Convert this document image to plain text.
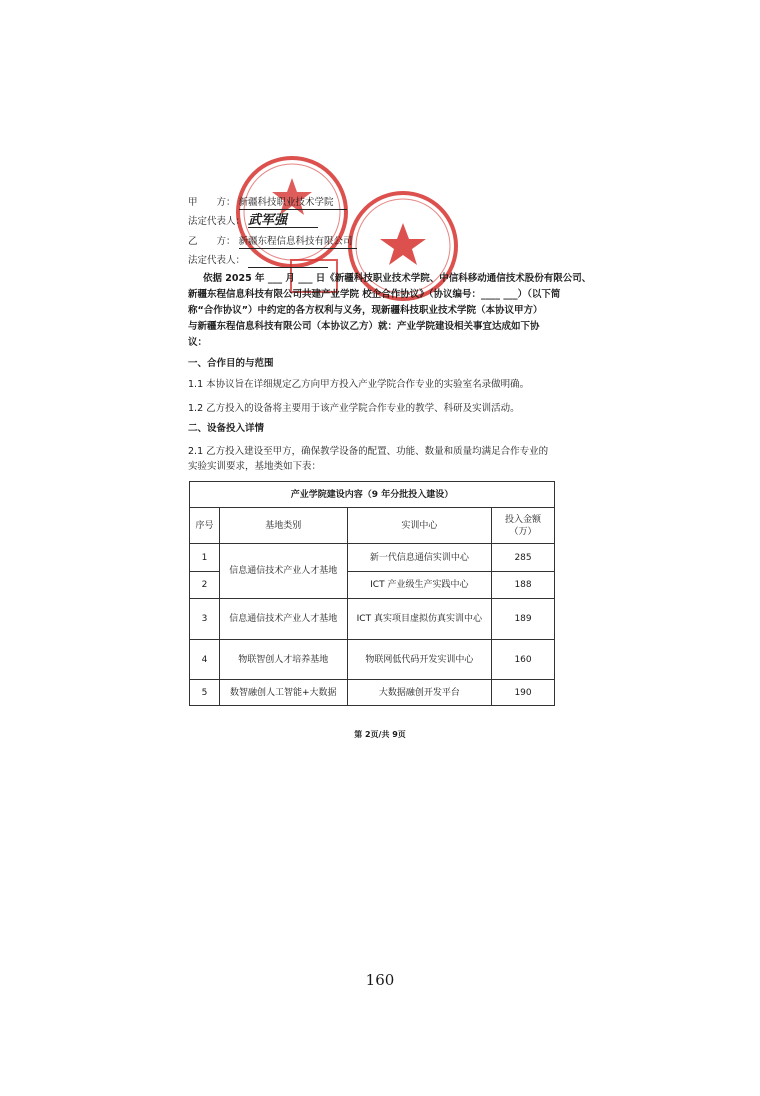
甲　　方： 新疆科技职业技术学院
法定代表人： 武军强
乙　　方： 新疆东程信息科技有限公司
法定代表人：
依据 2025 年 ___ 月 ___ 日《新疆科技职业技术学院、中信科移动通信技术股份有限公司、
新疆东程信息科技有限公司共建产业学院 校企合作协议》（协议编号：____ ___）（以下简
称“合作协议”）中约定的各方权利与义务，现新疆科技职业技术学院（本协议甲方）
与新疆东程信息科技有限公司（本协议乙方）就：产业学院建设相关事宜达成如下协
议：
一、合作目的与范围
1.1 本协议旨在详细规定乙方向甲方投入产业学院合作专业的实验室名录做明确。
1.2 乙方投入的设备将主要用于该产业学院合作专业的教学、科研及实训活动。
二、设备投入详情
2.1 乙方投入建设至甲方，确保教学设备的配置、功能、数量和质量均满足合作专业的
实验实训要求，基地类如下表：
产业学院建设内容（9 年分批投入建设）			
序号	基地类别	实训中心	投入金额
（万）

1	信息通信技术产业人才基地	新一代信息通信实训中心	285
2		ICT 产业级生产实践中心	188
3	信息通信技术产业人才基地	ICT 真实项目虚拟仿真实训中心	189
4	物联智创人才培养基地	物联网低代码开发实训中心	160
5	数智融创人工智能+大数据	大数据融创开发平台	190
第 2页/共 9页
160
